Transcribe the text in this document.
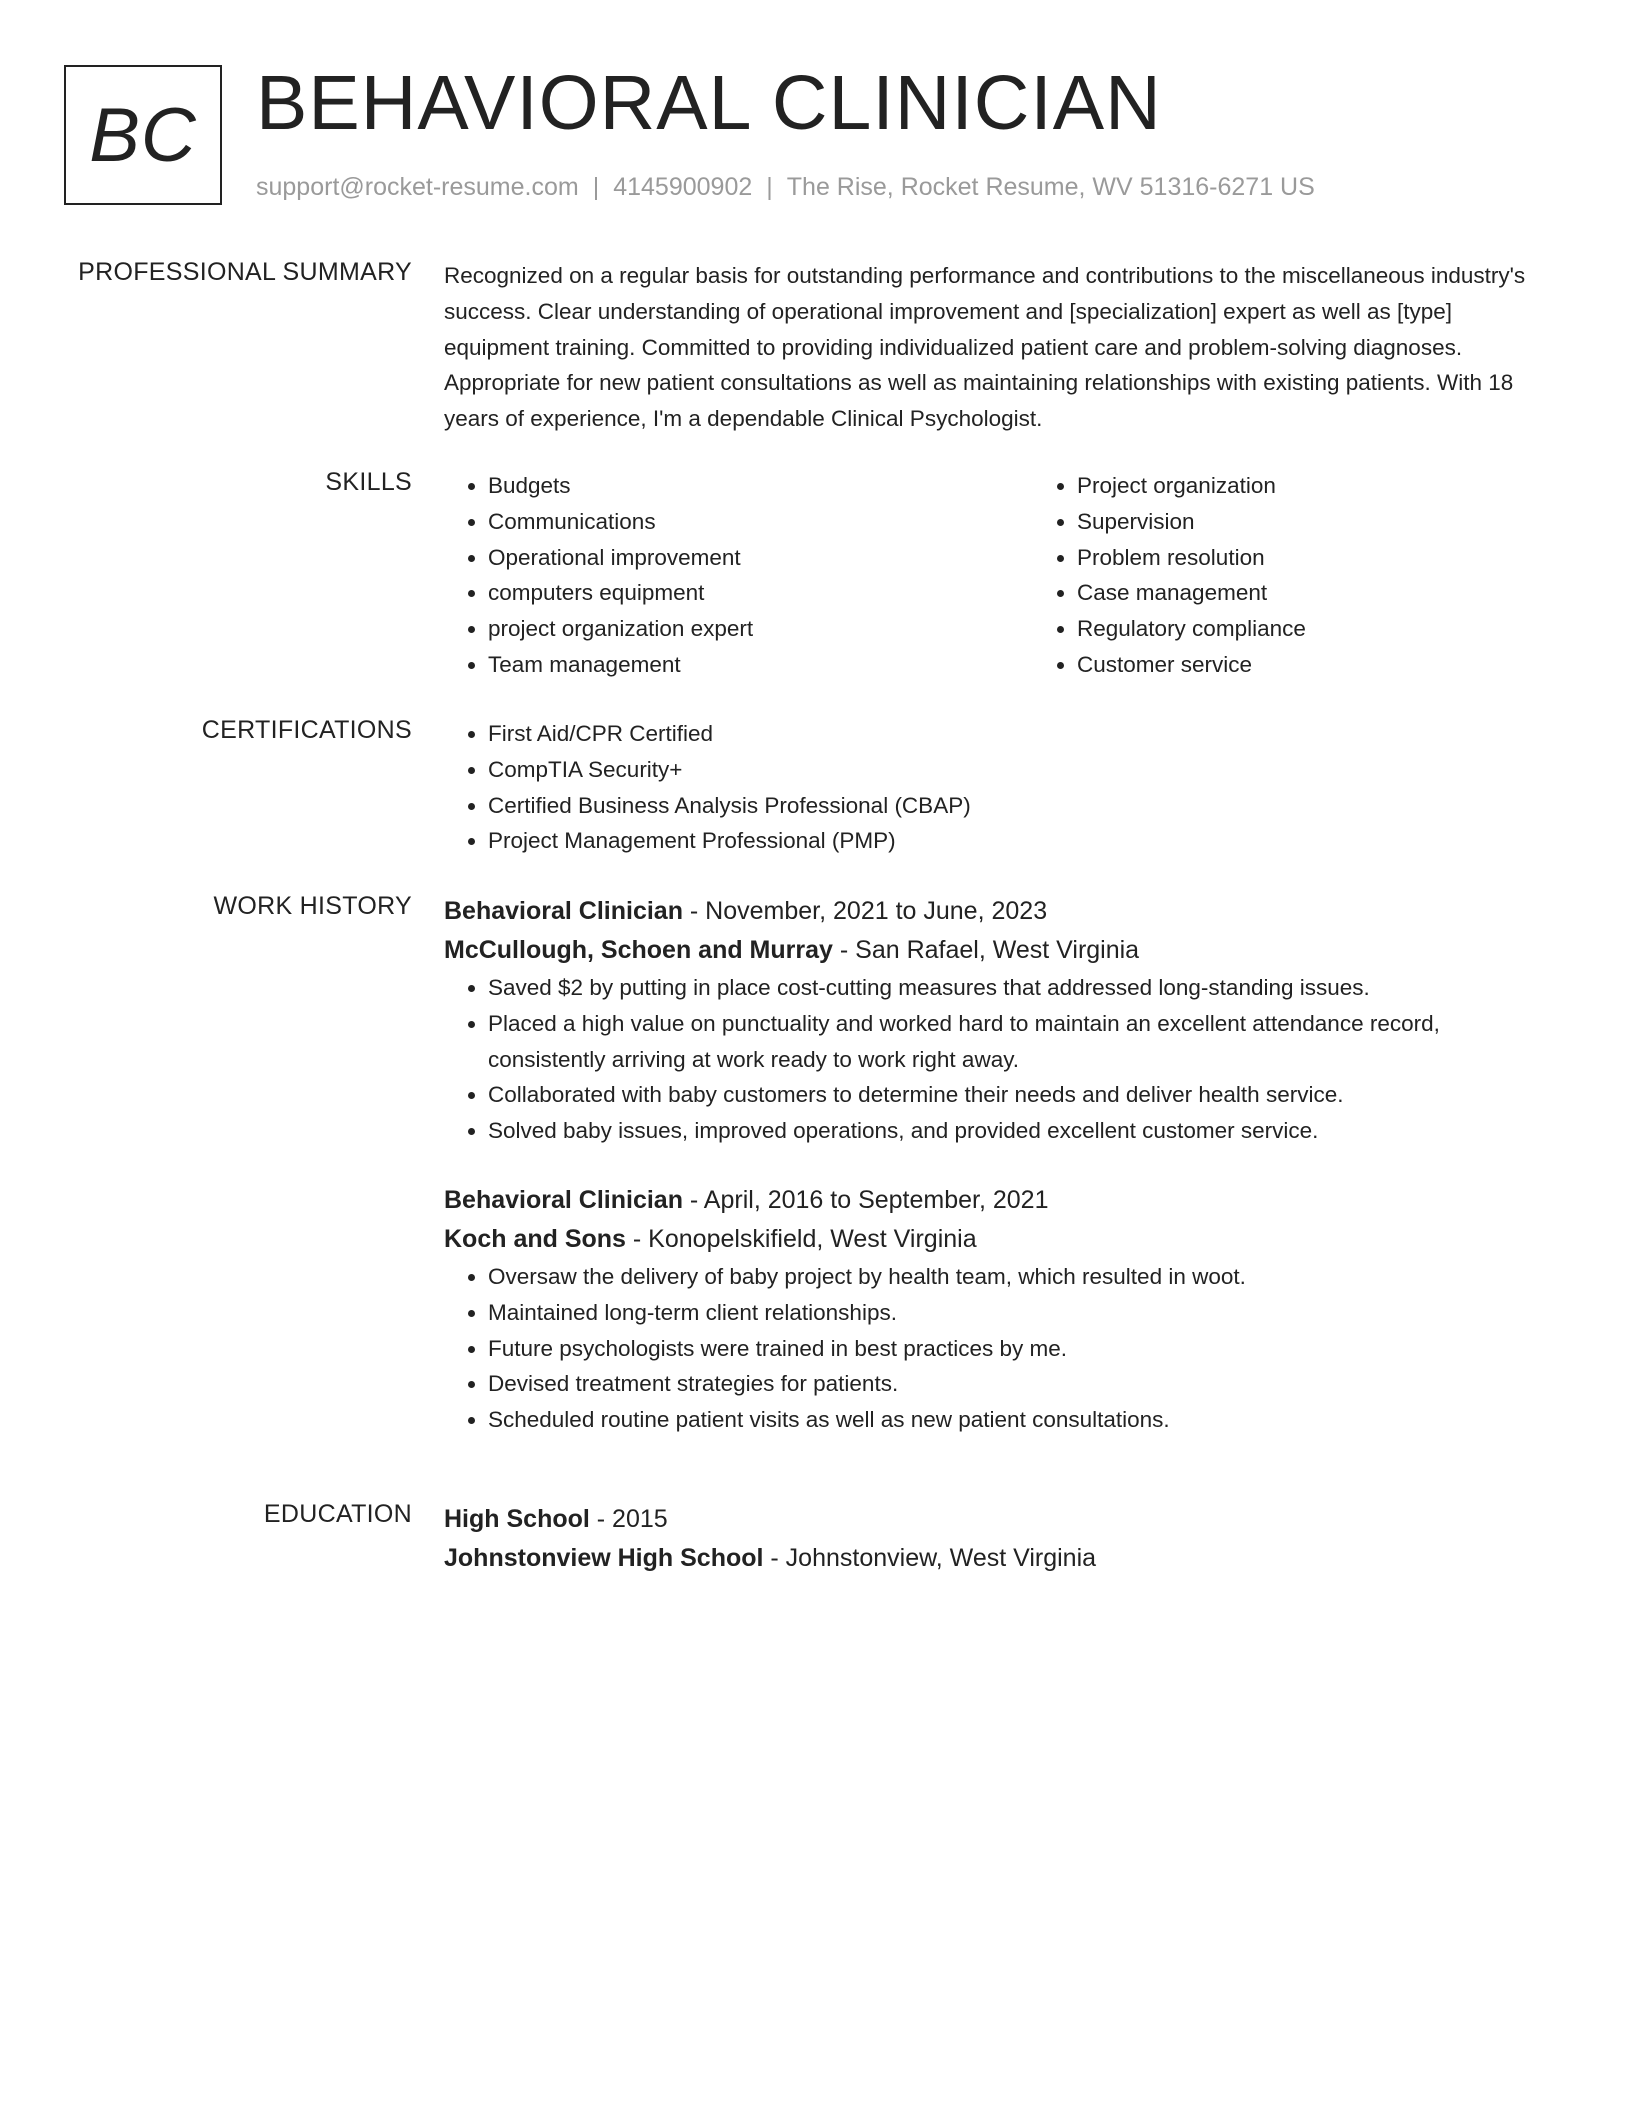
BC BEHAVIORAL CLINICIAN
support@rocket-resume.com | 4145900902 | The Rise, Rocket Resume, WV 51316-6271 US
PROFESSIONAL SUMMARY Recognized on a regular basis for outstanding performance and contributions to the miscellaneous industry's success. Clear understanding of operational improvement and [specialization] expert as well as [type] equipment training. Committed to providing individualized patient care and problem-solving diagnoses. Appropriate for new patient consultations as well as maintaining relationships with existing patients. With 18 years of experience, I'm a dependable Clinical Psychologist.

SKILLS	• Budgets
• Communications
• Operational improvement
• computers equipment
• project organization expert
• Team management
• Project organization
• Supervision
• Problem resolution
• Case management
• Regulatory compliance
• Customer service
CERTIFICATIONS	• First Aid/CPR Certified
• CompTIA Security+
• Certified Business Analysis Professional (CBAP)
• Project Management Professional (PMP)
WORK HISTORY Behavioral Clinician - November, 2021 to June, 2023
McCullough, Schoen and Murray - San Rafael, West Virginia
• Saved $2 by putting in place cost-cutting measures that addressed long-standing issues.
• Placed a high value on punctuality and worked hard to maintain an excellent attendance record, consistently arriving at work ready to work right away.
• Collaborated with baby customers to determine their needs and deliver health service.
• Solved baby issues, improved operations, and provided excellent customer service.
Behavioral Clinician - April, 2016 to September, 2021
Koch and Sons - Konopelskifield, West Virginia
• Oversaw the delivery of baby project by health team, which resulted in woot.
• Maintained long-term client relationships.
• Future psychologists were trained in best practices by me.
• Devised treatment strategies for patients.
• Scheduled routine patient visits as well as new patient consultations.
EDUCATION High School - 2015
Johnstonview High School - Johnstonview, West Virginia
